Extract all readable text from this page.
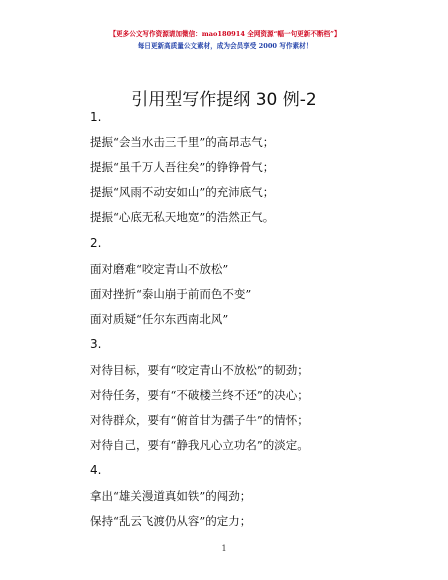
【更多公文写作资源请加微信：mao180914 全网资源“幅一句更新不断档”】
每日更新高质量公文素材，成为会员享受 2000 写作素材！
引用型写作提纲 30 例-2
1.
提振“会当水击三千里”的高昂志气；
提振“虽千万人吾往矣”的铮铮骨气；
提振“风雨不动安如山”的充沛底气；
提振“心底无私天地宽”的浩然正气。
2.
面对磨难“咬定青山不放松”
面对挫折“泰山崩于前而色不变”
面对质疑“任尔东西南北风”
3.
对待目标，要有“咬定青山不放松”的韧劲；
对待任务，要有“不破楼兰终不还”的决心；
对待群众，要有“俯首甘为孺子牛”的情怀；
对待自己，要有“静我凡心立功名”的淡定。
4.
拿出“雄关漫道真如铁”的闯劲；
保持“乱云飞渡仍从容”的定力；
1
